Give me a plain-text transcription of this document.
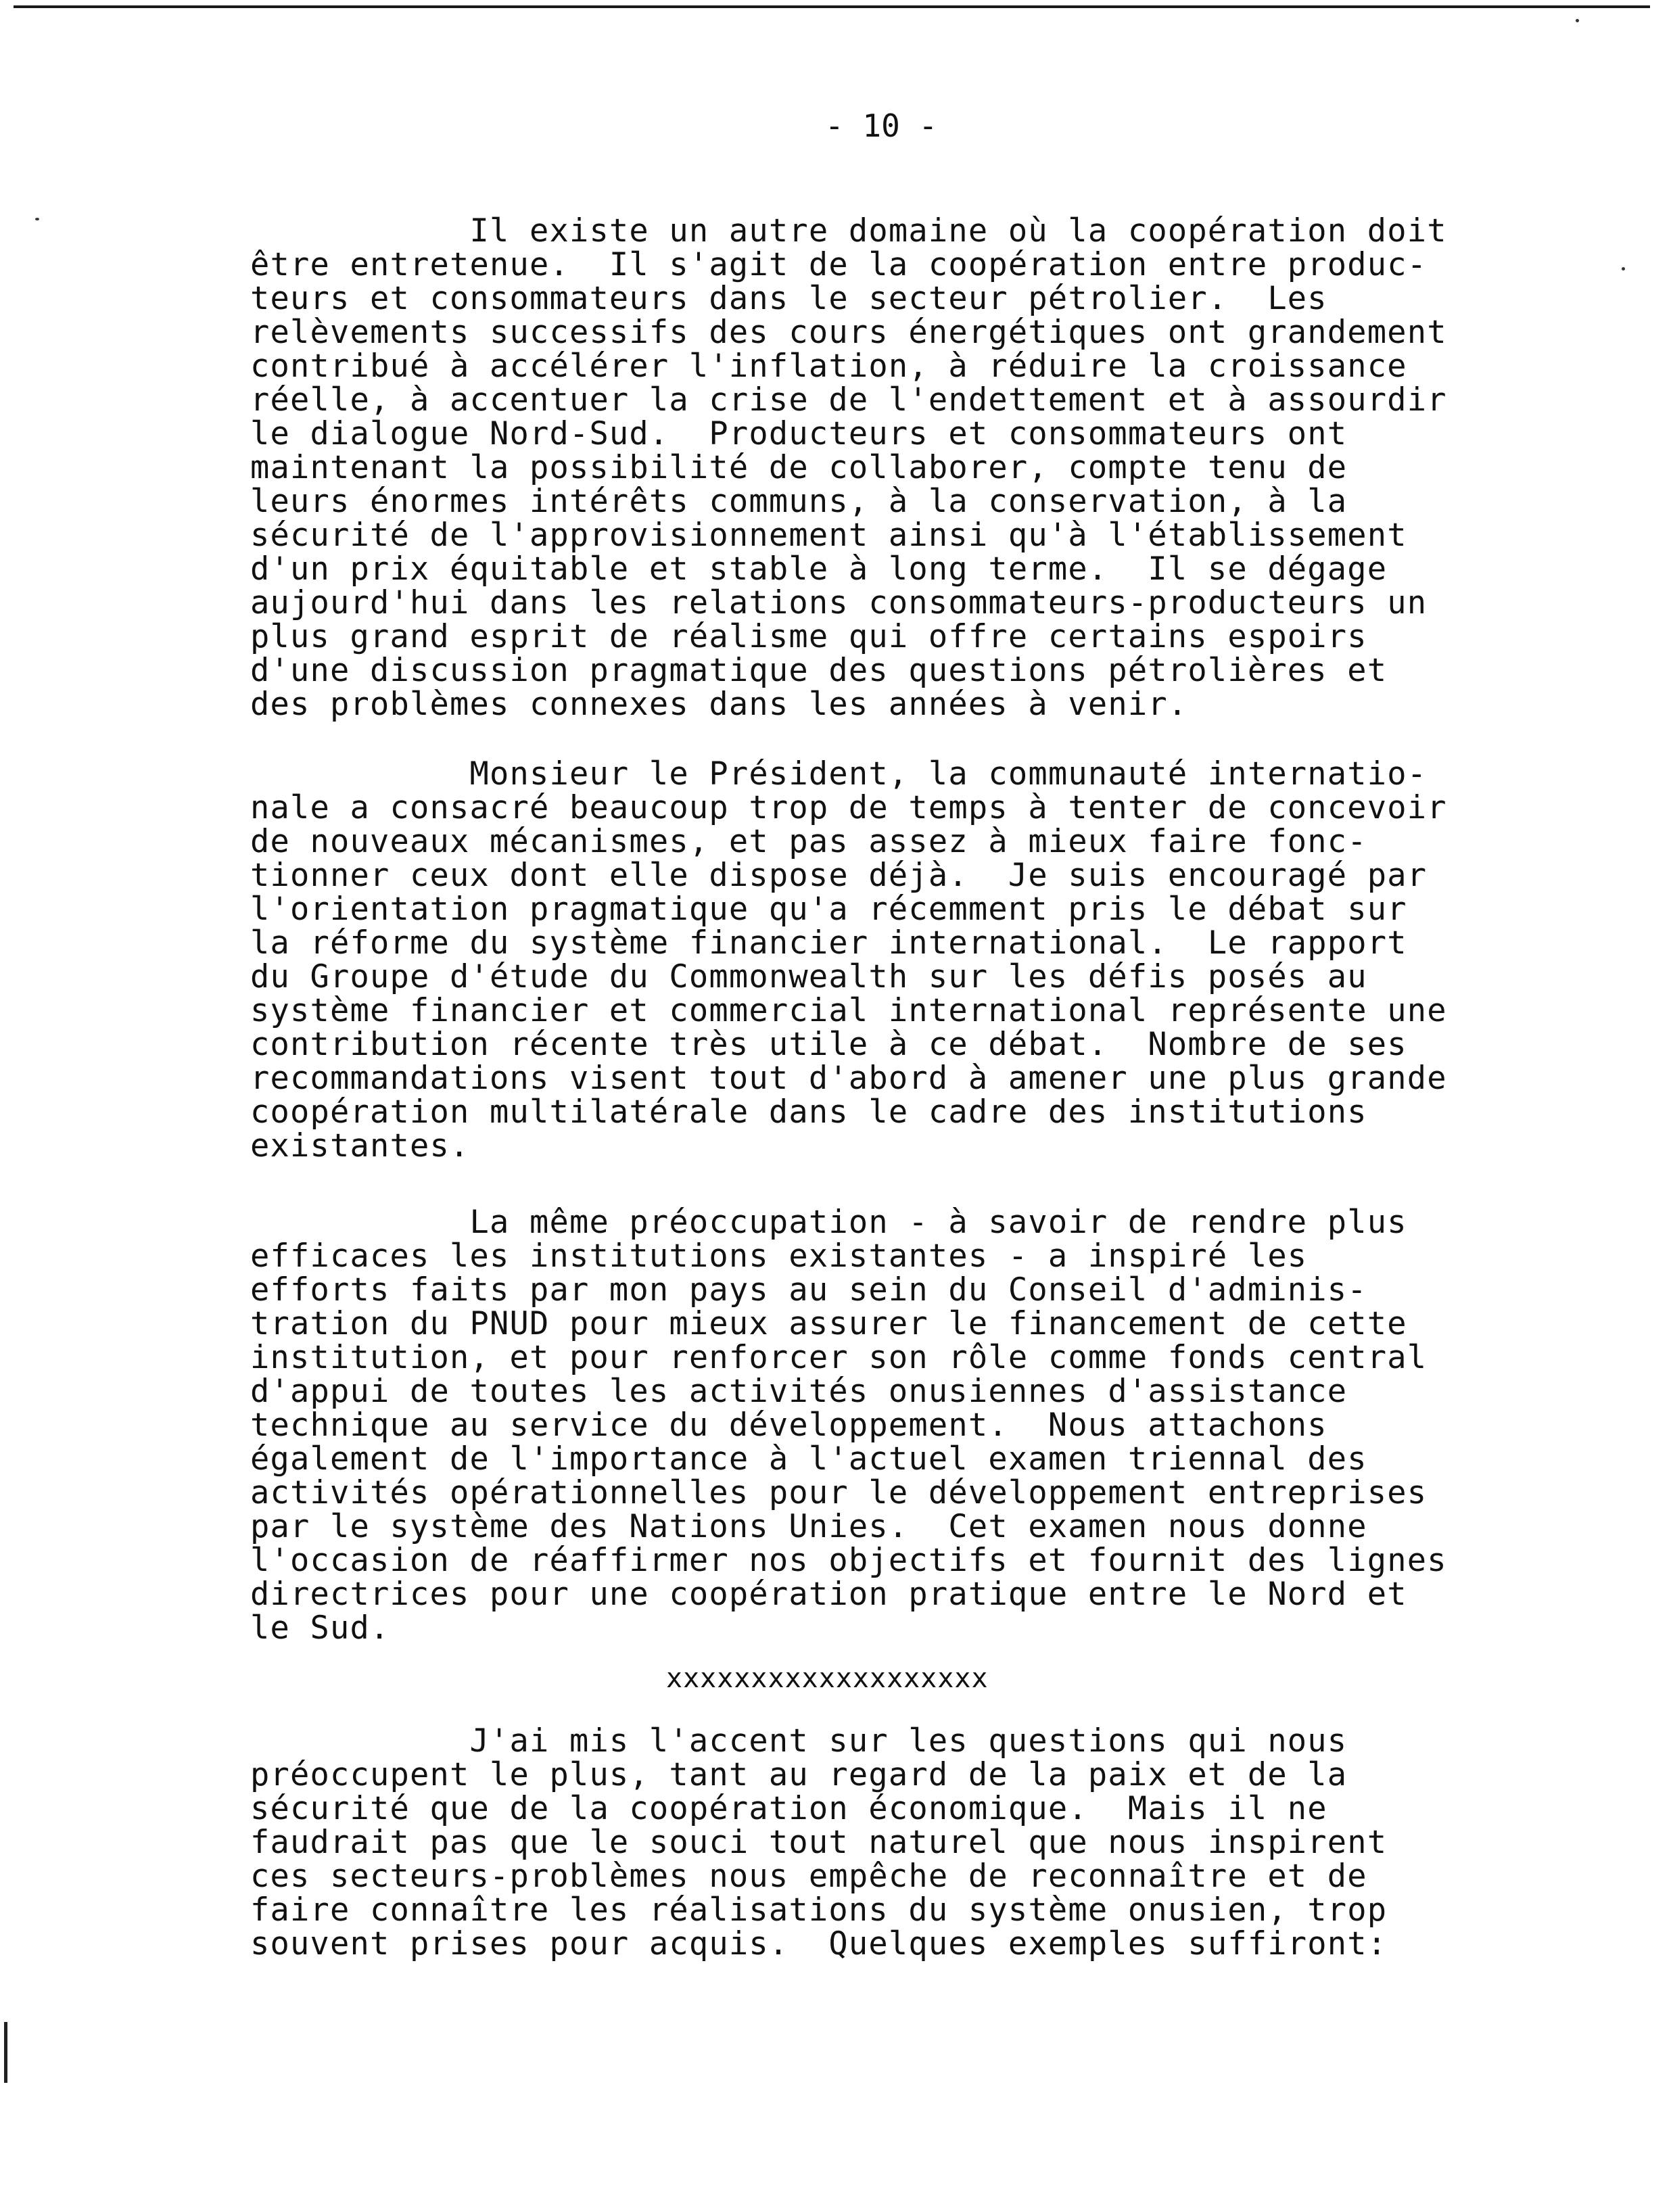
- 10 -
Il existe un autre domaine où la coopération doit
être entretenue.  Il s'agit de la coopération entre produc-
teurs et consommateurs dans le secteur pétrolier.  Les
relèvements successifs des cours énergétiques ont grandement
contribué à accélérer l'inflation, à réduire la croissance
réelle, à accentuer la crise de l'endettement et à assourdir
le dialogue Nord-Sud.  Producteurs et consommateurs ont
maintenant la possibilité de collaborer, compte tenu de
leurs énormes intérêts communs, à la conservation, à la
sécurité de l'approvisionnement ainsi qu'à l'établissement
d'un prix équitable et stable à long terme.  Il se dégage
aujourd'hui dans les relations consommateurs-producteurs un
plus grand esprit de réalisme qui offre certains espoirs
d'une discussion pragmatique des questions pétrolières et
des problèmes connexes dans les années à venir.
Monsieur le Président, la communauté internatio-
nale a consacré beaucoup trop de temps à tenter de concevoir
de nouveaux mécanismes, et pas assez à mieux faire fonc-
tionner ceux dont elle dispose déjà.  Je suis encouragé par
l'orientation pragmatique qu'a récemment pris le débat sur
la réforme du système financier international.  Le rapport
du Groupe d'étude du Commonwealth sur les défis posés au
système financier et commercial international représente une
contribution récente très utile à ce débat.  Nombre de ses
recommandations visent tout d'abord à amener une plus grande
coopération multilatérale dans le cadre des institutions
existantes.
La même préoccupation - à savoir de rendre plus
efficaces les institutions existantes - a inspiré les
efforts faits par mon pays au sein du Conseil d'adminis-
tration du PNUD pour mieux assurer le financement de cette
institution, et pour renforcer son rôle comme fonds central
d'appui de toutes les activités onusiennes d'assistance
technique au service du développement.  Nous attachons
également de l'importance à l'actuel examen triennal des
activités opérationnelles pour le développement entreprises
par le système des Nations Unies.  Cet examen nous donne
l'occasion de réaffirmer nos objectifs et fournit des lignes
directrices pour une coopération pratique entre le Nord et
le Sud.
xxxxxxxxxxxxxxxxxxx
J'ai mis l'accent sur les questions qui nous
préoccupent le plus, tant au regard de la paix et de la
sécurité que de la coopération économique.  Mais il ne
faudrait pas que le souci tout naturel que nous inspirent
ces secteurs-problèmes nous empêche de reconnaître et de
faire connaître les réalisations du système onusien, trop
souvent prises pour acquis.  Quelques exemples suffiront:
